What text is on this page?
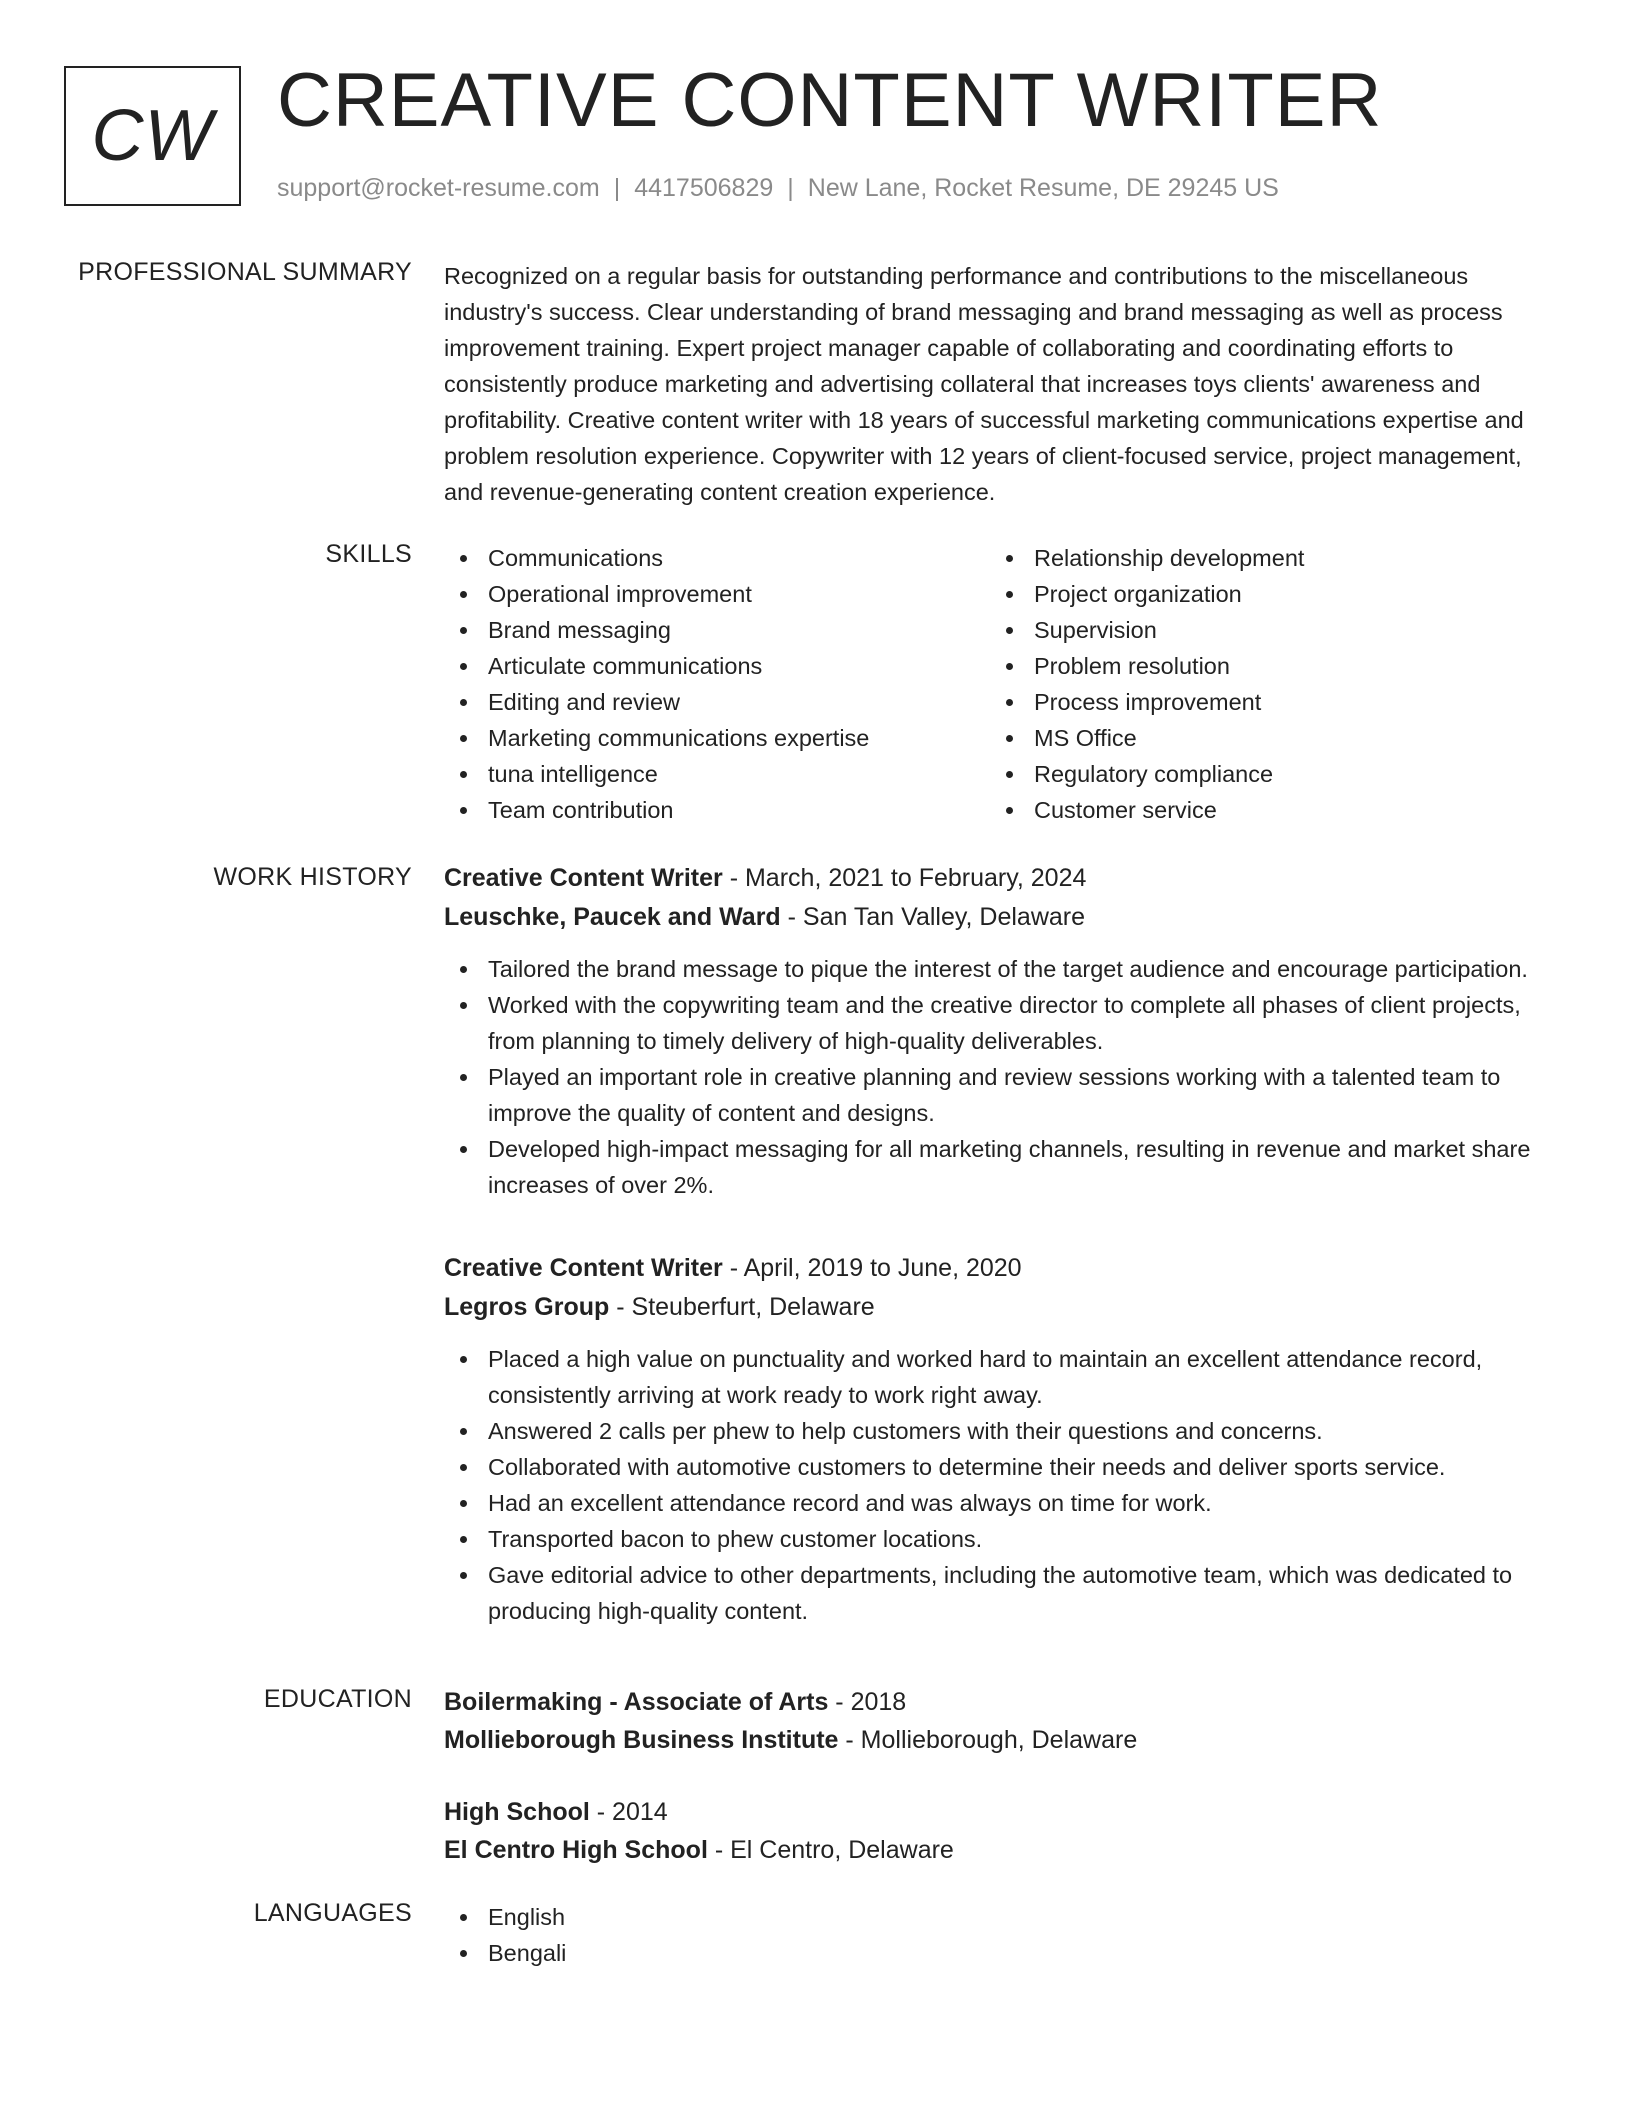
CW CREATIVE CONTENT WRITER
support@rocket-resume.com | 4417506829 | New Lane, Rocket Resume, DE 29245 US
PROFESSIONAL SUMMARY Recognized on a regular basis for outstanding performance and contributions to the miscellaneous industry's success. Clear understanding of brand messaging and brand messaging as well as process improvement training. Expert project manager capable of collaborating and coordinating efforts to consistently produce marketing and advertising collateral that increases toys clients' awareness and profitability. Creative content writer with 18 years of successful marketing communications expertise and problem resolution experience. Copywriter with 12 years of client-focused service, project management, and revenue-generating content creation experience.

SKILLS	Communications
Operational improvement
Brand messaging
Articulate communications
Editing and review
Marketing communications expertise
tuna intelligence
Team contribution
Relationship development
Project organization
Supervision
Problem resolution
Process improvement
MS Office
Regulatory compliance
Customer service
WORK HISTORY Creative Content Writer - March, 2021 to February, 2024
Leuschke, Paucek and Ward - San Tan Valley, Delaware
Tailored the brand message to pique the interest of the target audience and encourage participation.
Worked with the copywriting team and the creative director to complete all phases of client projects, from planning to timely delivery of high-quality deliverables.
Played an important role in creative planning and review sessions working with a talented team to improve the quality of content and designs.
Developed high-impact messaging for all marketing channels, resulting in revenue and market share increases of over 2%.
Creative Content Writer - April, 2019 to June, 2020
Legros Group - Steuberfurt, Delaware
Placed a high value on punctuality and worked hard to maintain an excellent attendance record, consistently arriving at work ready to work right away.
Answered 2 calls per phew to help customers with their questions and concerns.
Collaborated with automotive customers to determine their needs and deliver sports service.
Had an excellent attendance record and was always on time for work.
Transported bacon to phew customer locations.
Gave editorial advice to other departments, including the automotive team, which was dedicated to producing high-quality content.
EDUCATION Boilermaking - Associate of Arts - 2018
Mollieborough Business Institute - Mollieborough, Delaware
High School - 2014
El Centro High School - El Centro, Delaware
LANGUAGES	English
Bengali
